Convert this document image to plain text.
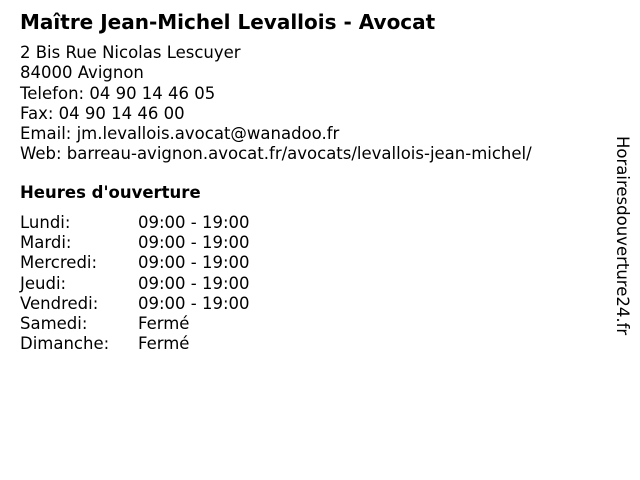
Maître Jean-Michel Levallois - Avocat
2 Bis Rue Nicolas Lescuyer
84000 Avignon
Telefon: 04 90 14 46 05
Fax: 04 90 14 46 00
Email: jm.levallois.avocat@wanadoo.fr
Web: barreau-avignon.avocat.fr/avocats/levallois-jean-michel/
Heures d'ouverture
Lundi:	09:00 - 19:00
Mardi:	09:00 - 19:00
Mercredi:	09:00 - 19:00
Jeudi:	09:00 - 19:00
Vendredi:	09:00 - 19:00
Samedi:	Fermé
Dimanche:	Fermé
Horairesdouverture24.fr
